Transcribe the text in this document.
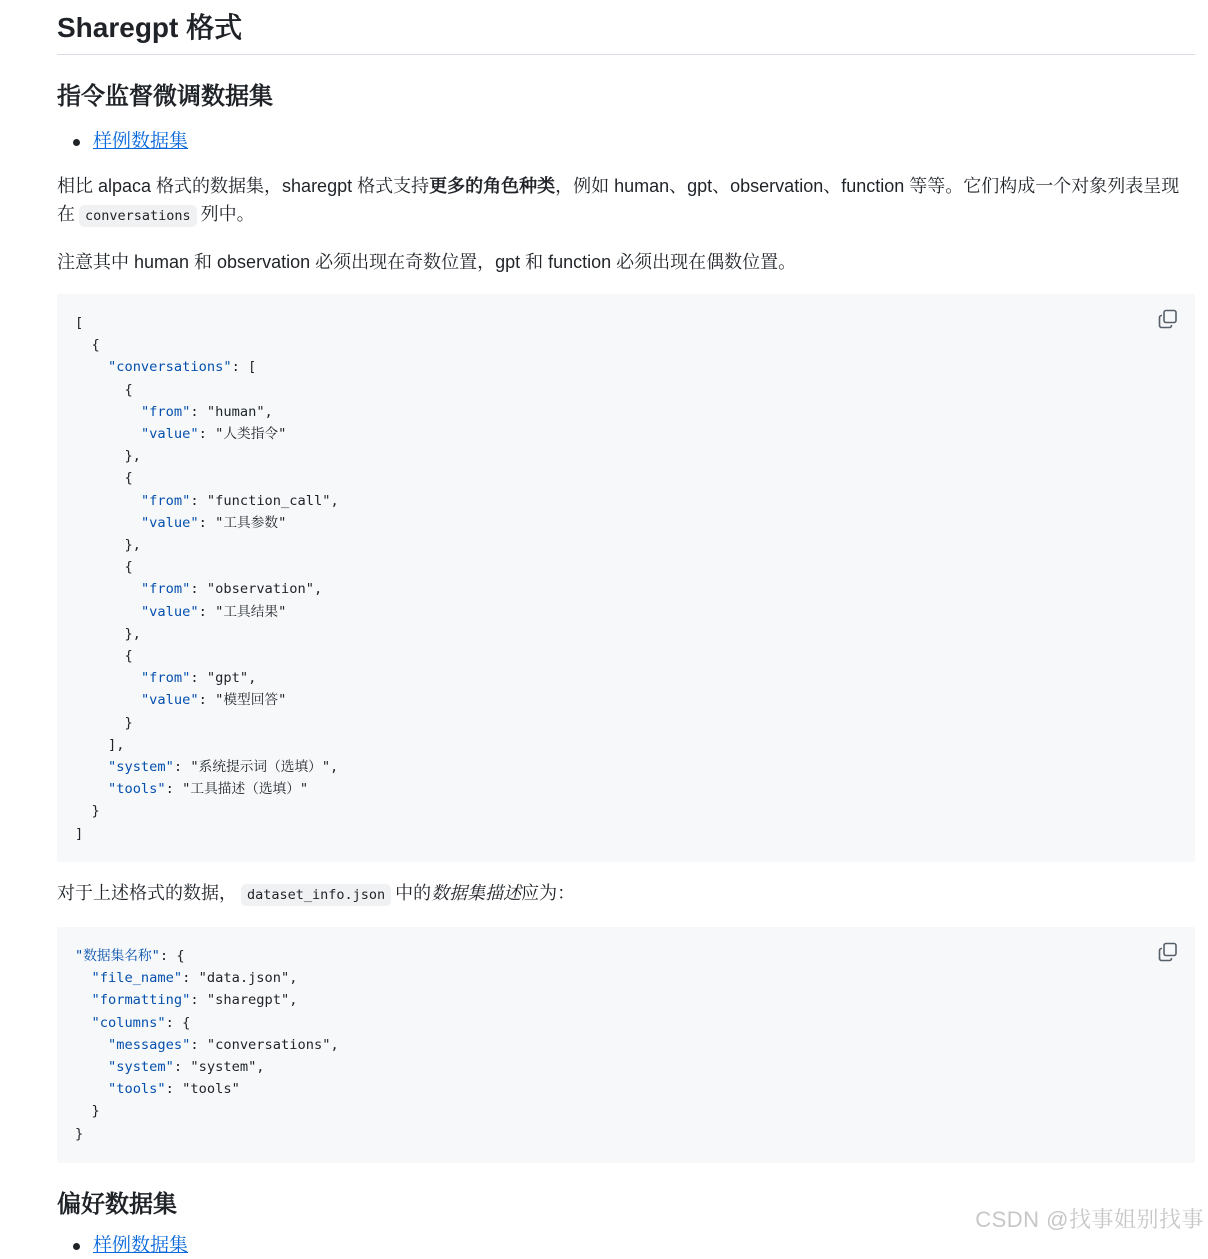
Sharegpt 格式
指令监督微调数据集
样例数据集

相比 alpaca 格式的数据集，sharegpt 格式支持更多的角色种类，例如 human、gpt、observation、function 等等。它们构成一个对象列表呈现在 conversations 列中。

注意其中 human 和 observation 必须出现在奇数位置，gpt 和 function 必须出现在偶数位置。

[
{
"conversations": [
{
"from": "human",
"value": "人类指令"
},
{
"from": "function_call",
"value": "工具参数"
},
{
"from": "observation",
"value": "工具结果"
},
{
"from": "gpt",
"value": "模型回答"
}
],
"system": "系统提示词（选填）",
"tools": "工具描述（选填）"
}
]

对于上述格式的数据， dataset_info.json 中的数据集描述应为：

"数据集名称": {
"file_name": "data.json",
"formatting": "sharegpt",
"columns": {
"messages": "conversations",
"system": "system",
"tools": "tools"
}
}
偏好数据集
样例数据集
CSDN @找事姐别找事
